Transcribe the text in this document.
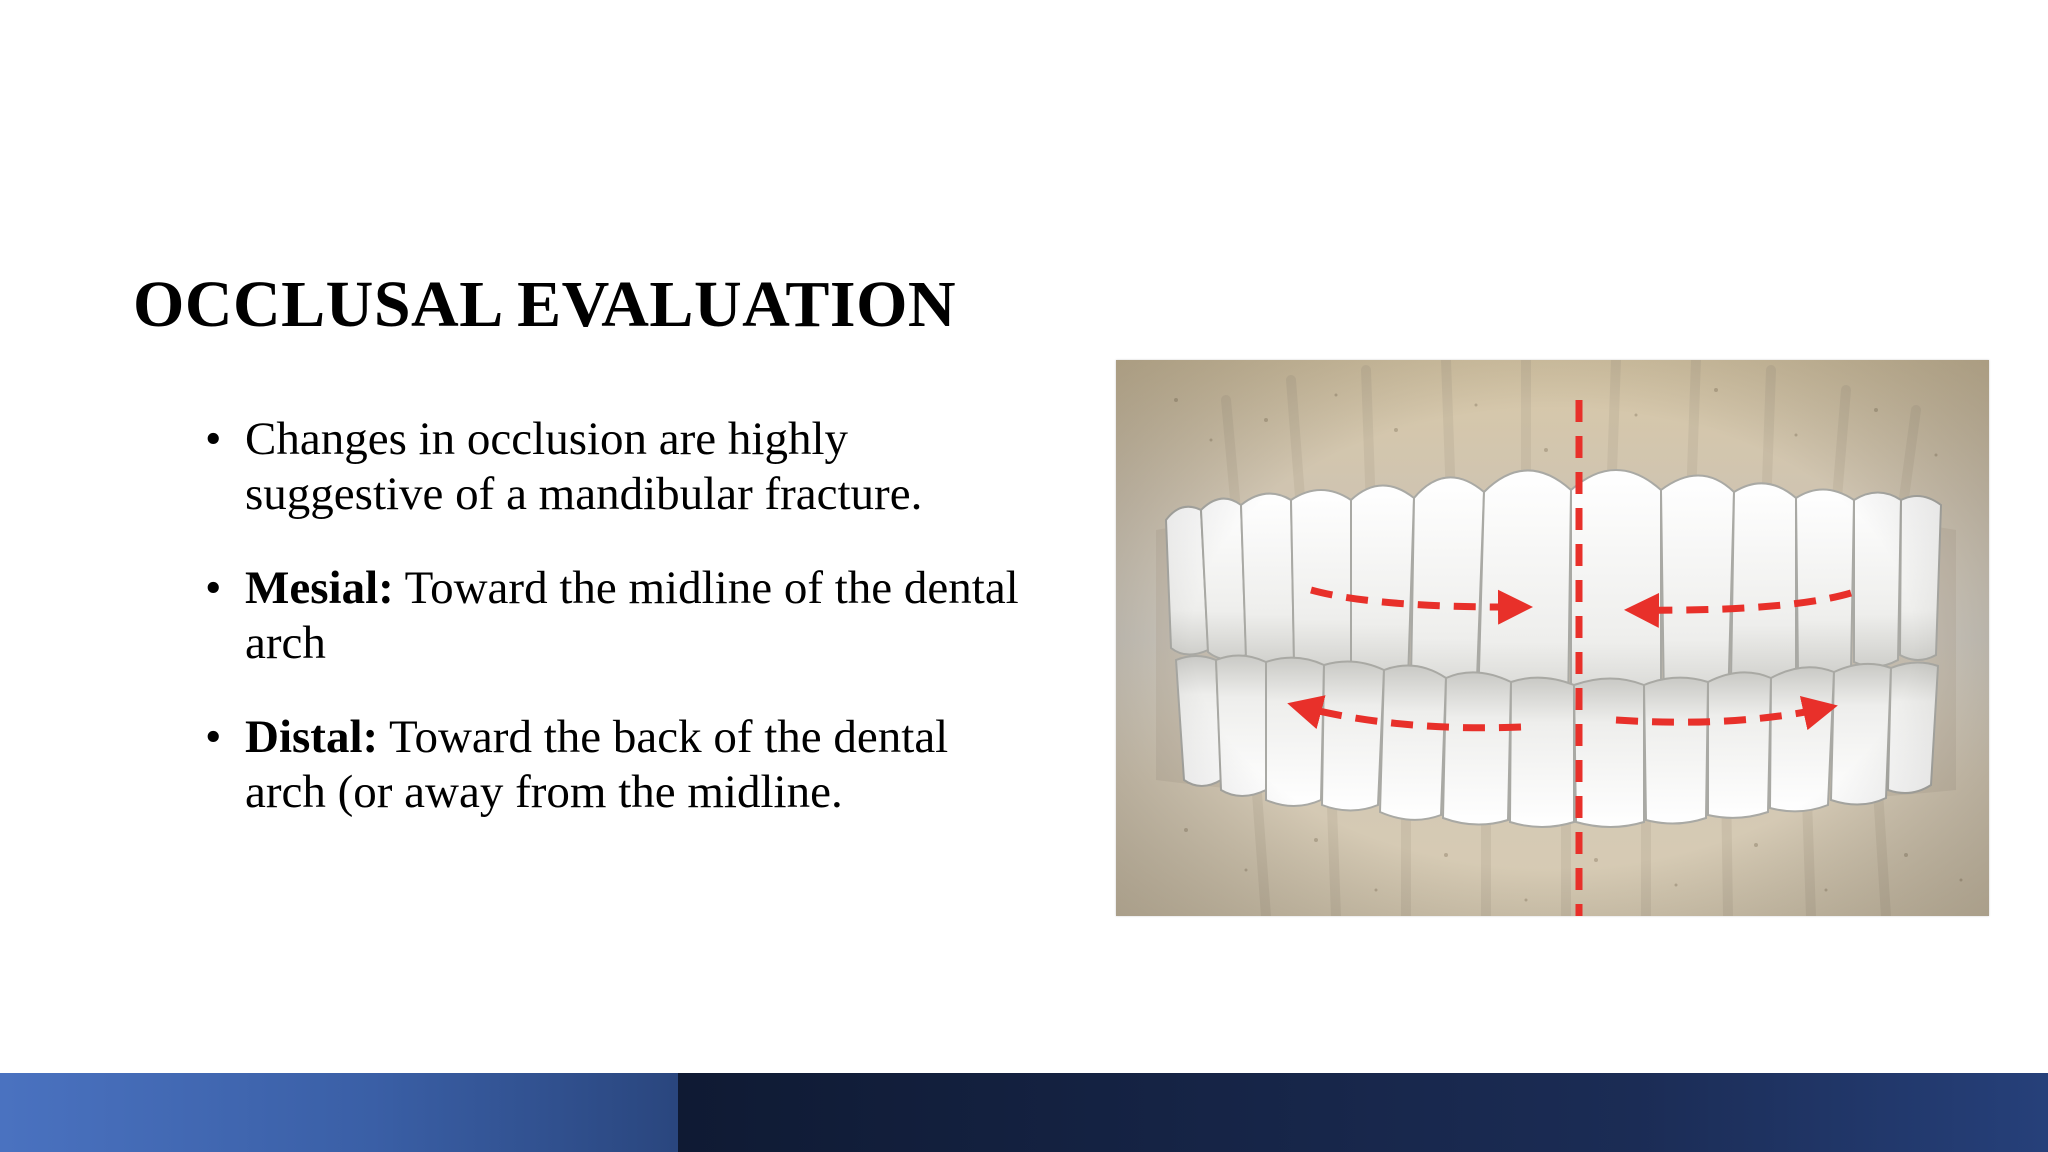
OCCLUSAL EVALUATION
• Changes in occlusion are highly suggestive of a mandibular fracture.
• Mesial: Toward the midline of the dental arch
• Distal: Toward the back of the dental arch (or away from the midline.
